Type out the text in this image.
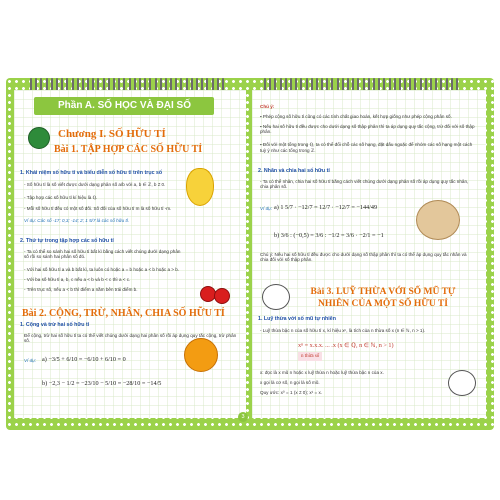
Phần A. SỐ HỌC VÀ ĐẠI SỐ
Chương I. SỐ HỮU TỈ
Bài 1. TẬP HỢP CÁC SỐ HỮU TỈ
1. Khái niệm số hữu tỉ và biểu diễn số hữu tỉ trên trục số
- Số hữu tỉ là số viết được dưới dạng phân số a/b với a, b ∈ ℤ, b ≠ 0.
- Tập hợp các số hữu tỉ kí hiệu là ℚ.
- Mỗi số hữu tỉ đều có một số đối. Số đối của số hữu tỉ m là số hữu tỉ -m.
Ví dụ: Các số -17; 0,3; -14; 2; 1 5/7 là các số hữu tỉ.
2. Thứ tự trong tập hợp các số hữu tỉ
- Ta có thể so sánh hai số hữu tỉ bất kì bằng cách viết chúng dưới dạng phân số rồi so sánh hai phân số đó.
- Với hai số hữu tỉ a và b bất kì, ta luôn có hoặc a = b hoặc a < b hoặc a > b.
- Với ba số hữu tỉ a, b, c nếu a < b và b < c thì a < c.
- Trên trục số, nếu a < b thì điểm a nằm bên trái điểm b.
Bài 2. CỘNG, TRỪ, NHÂN, CHIA SỐ HỮU TỈ
1. Cộng và trừ hai số hữu tỉ
Để cộng, trừ hai số hữu tỉ ta có thể viết chúng dưới dạng hai phân số rồi áp dụng quy tắc cộng, trừ phân số.
Ví dụ: a) −3/5 + 6/10 = −6/10 + 6/10 = 0
b) −2,3 − 1/2 = −23/10 − 5/10 = −28/10 = −14/5
Chú ý:
▪ Phép cộng số hữu tỉ cũng có các tính chất giao hoán, kết hợp giống như phép cộng phân số.
▪ Nếu hai số hữu tỉ đều được cho dưới dạng số thập phân thì ta áp dụng quy tắc cộng, trừ đối với số thập phân.
▪ Đối với một tổng trong ℚ, ta có thể đổi chỗ các số hạng, đặt dấu ngoặc để nhóm các số hạng một cách tuỳ ý như các tổng trong ℤ.
2. Nhân và chia hai số hữu tỉ
- Ta có thể nhân, chia hai số hữu tỉ bằng cách viết chúng dưới dạng phân số rồi áp dụng quy tắc nhân, chia phân số.
Ví dụ: a) 1 5/7 · −12/7 = 12/7 · −12/7 = −144/49
b) 3/6 : (−0,5) = 3/6 : −1/2 = 3/6 · −2/1 = −1
Chú ý: Nếu hai số hữu tỉ đều được cho dưới dạng số thập phân thì ta có thể áp dụng quy tắc nhân và chia đối với số thập phân.
Bài 3. LUỸ THỪA VỚI SỐ MŨ TỰ NHIÊN CỦA MỘT SỐ HỮU TỈ
1. Luỹ thừa với số mũ tự nhiên
- Luỹ thừa bậc n của số hữu tỉ x, kí hiệu xⁿ, là tích của n thừa số x (n ∈ ℕ, n > 1).
xⁿ = x.x.x. ... .x (x ∈ ℚ, n ∈ ℕ, n > 1)
n thừa số
x: đọc là x mũ n hoặc x luỹ thừa n hoặc luỹ thừa bậc n của x.
x gọi là cơ số, n gọi là số mũ.
Quy ước: x⁰ = 1 (x ≠ 0); x¹ = x.
3
